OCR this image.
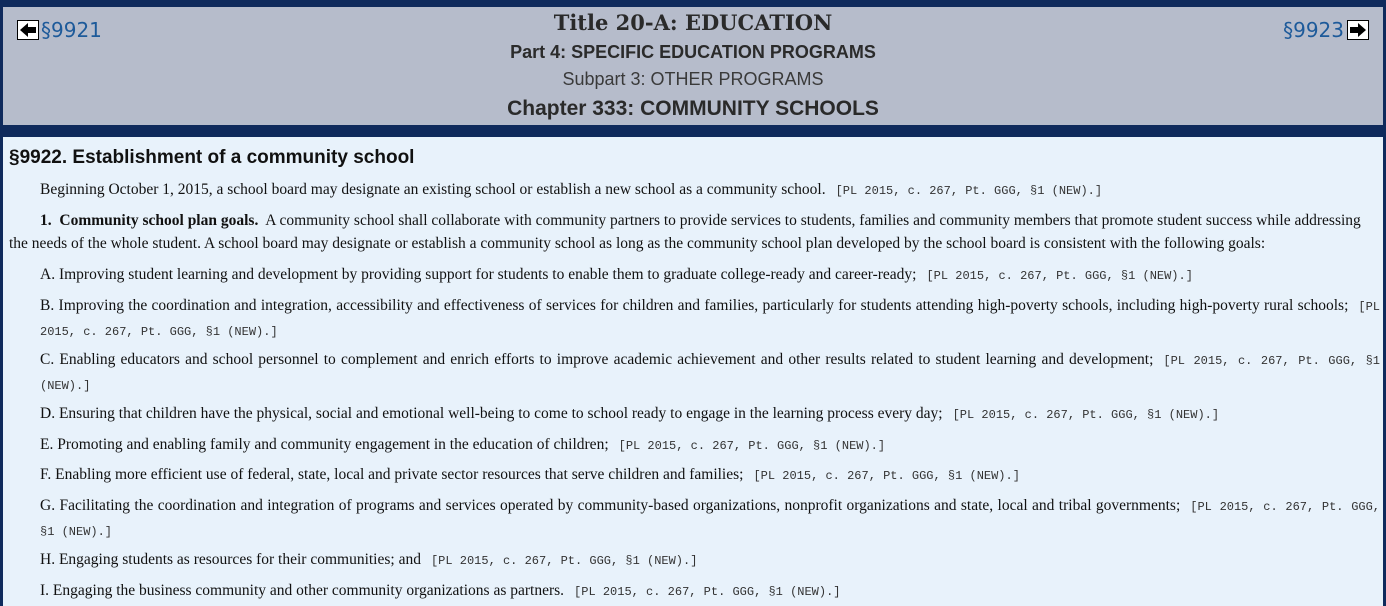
§9921	§9923
Title 20-A: EDUCATION
Part 4: SPECIFIC EDUCATION PROGRAMS
Subpart 3: OTHER PROGRAMS
Chapter 333: COMMUNITY SCHOOLS
§9922. Establishment of a community school
Beginning October 1, 2015, a school board may designate an existing school or establish a new school as a community school. [PL 2015, c. 267, Pt. GGG, §1 (NEW).]
1. Community school plan goals. A community school shall collaborate with community partners to provide services to students, families and community members that promote student success while addressing the needs of the whole student. A school board may designate or establish a community school as long as the community school plan developed by the school board is consistent with the following goals:
A. Improving student learning and development by providing support for students to enable them to graduate college-ready and career-ready; [PL 2015, c. 267, Pt. GGG, §1 (NEW).]
B. Improving the coordination and integration, accessibility and effectiveness of services for children and families, particularly for students attending high-poverty schools, including high-poverty rural schools; [PL 2015, c. 267, Pt. GGG, §1 (NEW).]
C. Enabling educators and school personnel to complement and enrich efforts to improve academic achievement and other results related to student learning and development; [PL 2015, c. 267, Pt. GGG, §1 (NEW).]
D. Ensuring that children have the physical, social and emotional well-being to come to school ready to engage in the learning process every day; [PL 2015, c. 267, Pt. GGG, §1 (NEW).]
E. Promoting and enabling family and community engagement in the education of children; [PL 2015, c. 267, Pt. GGG, §1 (NEW).]
F. Enabling more efficient use of federal, state, local and private sector resources that serve children and families; [PL 2015, c. 267, Pt. GGG, §1 (NEW).]
G. Facilitating the coordination and integration of programs and services operated by community-based organizations, nonprofit organizations and state, local and tribal governments; [PL 2015, c. 267, Pt. GGG, §1 (NEW).]
H. Engaging students as resources for their communities; and [PL 2015, c. 267, Pt. GGG, §1 (NEW).]
I. Engaging the business community and other community organizations as partners. [PL 2015, c. 267, Pt. GGG, §1 (NEW).]
